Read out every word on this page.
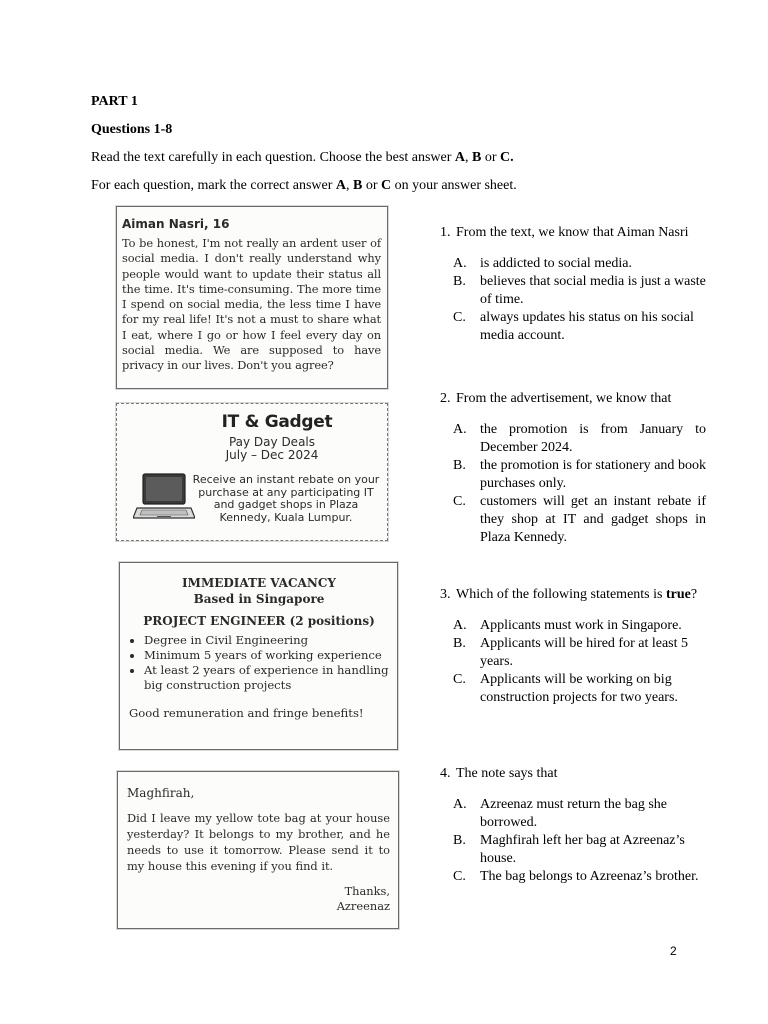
PART 1

Questions 1-8

Read the text carefully in each question. Choose the best answer A, B or C.

For each question, mark the correct answer A, B or C on your answer sheet.

Aiman Nasri, 16
To be honest, I'm not really an ardent user of social media. I don't really understand why people would want to update their status all the time. It's time-consuming. The more time I spend on social media, the less time I have for my real life! It's not a must to share what I eat, where I go or how I feel every day on social media. We are supposed to have privacy in our lives. Don't you agree?
IT & Gadget
Pay Day Deals
July – Dec 2024
Receive an instant rebate on your purchase at any participating IT and gadget shops in Plaza Kennedy, Kuala Lumpur.
IMMEDIATE VACANCY
Based in Singapore
PROJECT ENGINEER (2 positions)
• Degree in Civil Engineering
• Minimum 5 years of working experience
• At least 2 years of experience in handling big construction projects
Good remuneration and fringe benefits!
Maghfirah,
Did I leave my yellow tote bag at your house yesterday? It belongs to my brother, and he needs to use it tomorrow. Please send it to my house this evening if you find it.
Thanks,
Azreenaz
1. From the text, we know that Aiman Nasri
A. is addicted to social media.
B.	believes that social media is just a waste of time.
C.	always updates his status on his social media account.
2. From the advertisement, we know that
A. the promotion is from January to December 2024.
B.	the promotion is for stationery and book purchases only.
C.	customers will get an instant rebate if they shop at IT and gadget shops in Plaza Kennedy.
3. Which of the following statements is true?
A. Applicants must work in Singapore.
B.	Applicants will be hired for at least 5 years.
C.	Applicants will be working on big construction projects for two years.
4. The note says that
A. Azreenaz must return the bag she borrowed.
B.	Maghfirah left her bag at Azreenaz’s house.
C.	The bag belongs to Azreenaz’s brother.
2
